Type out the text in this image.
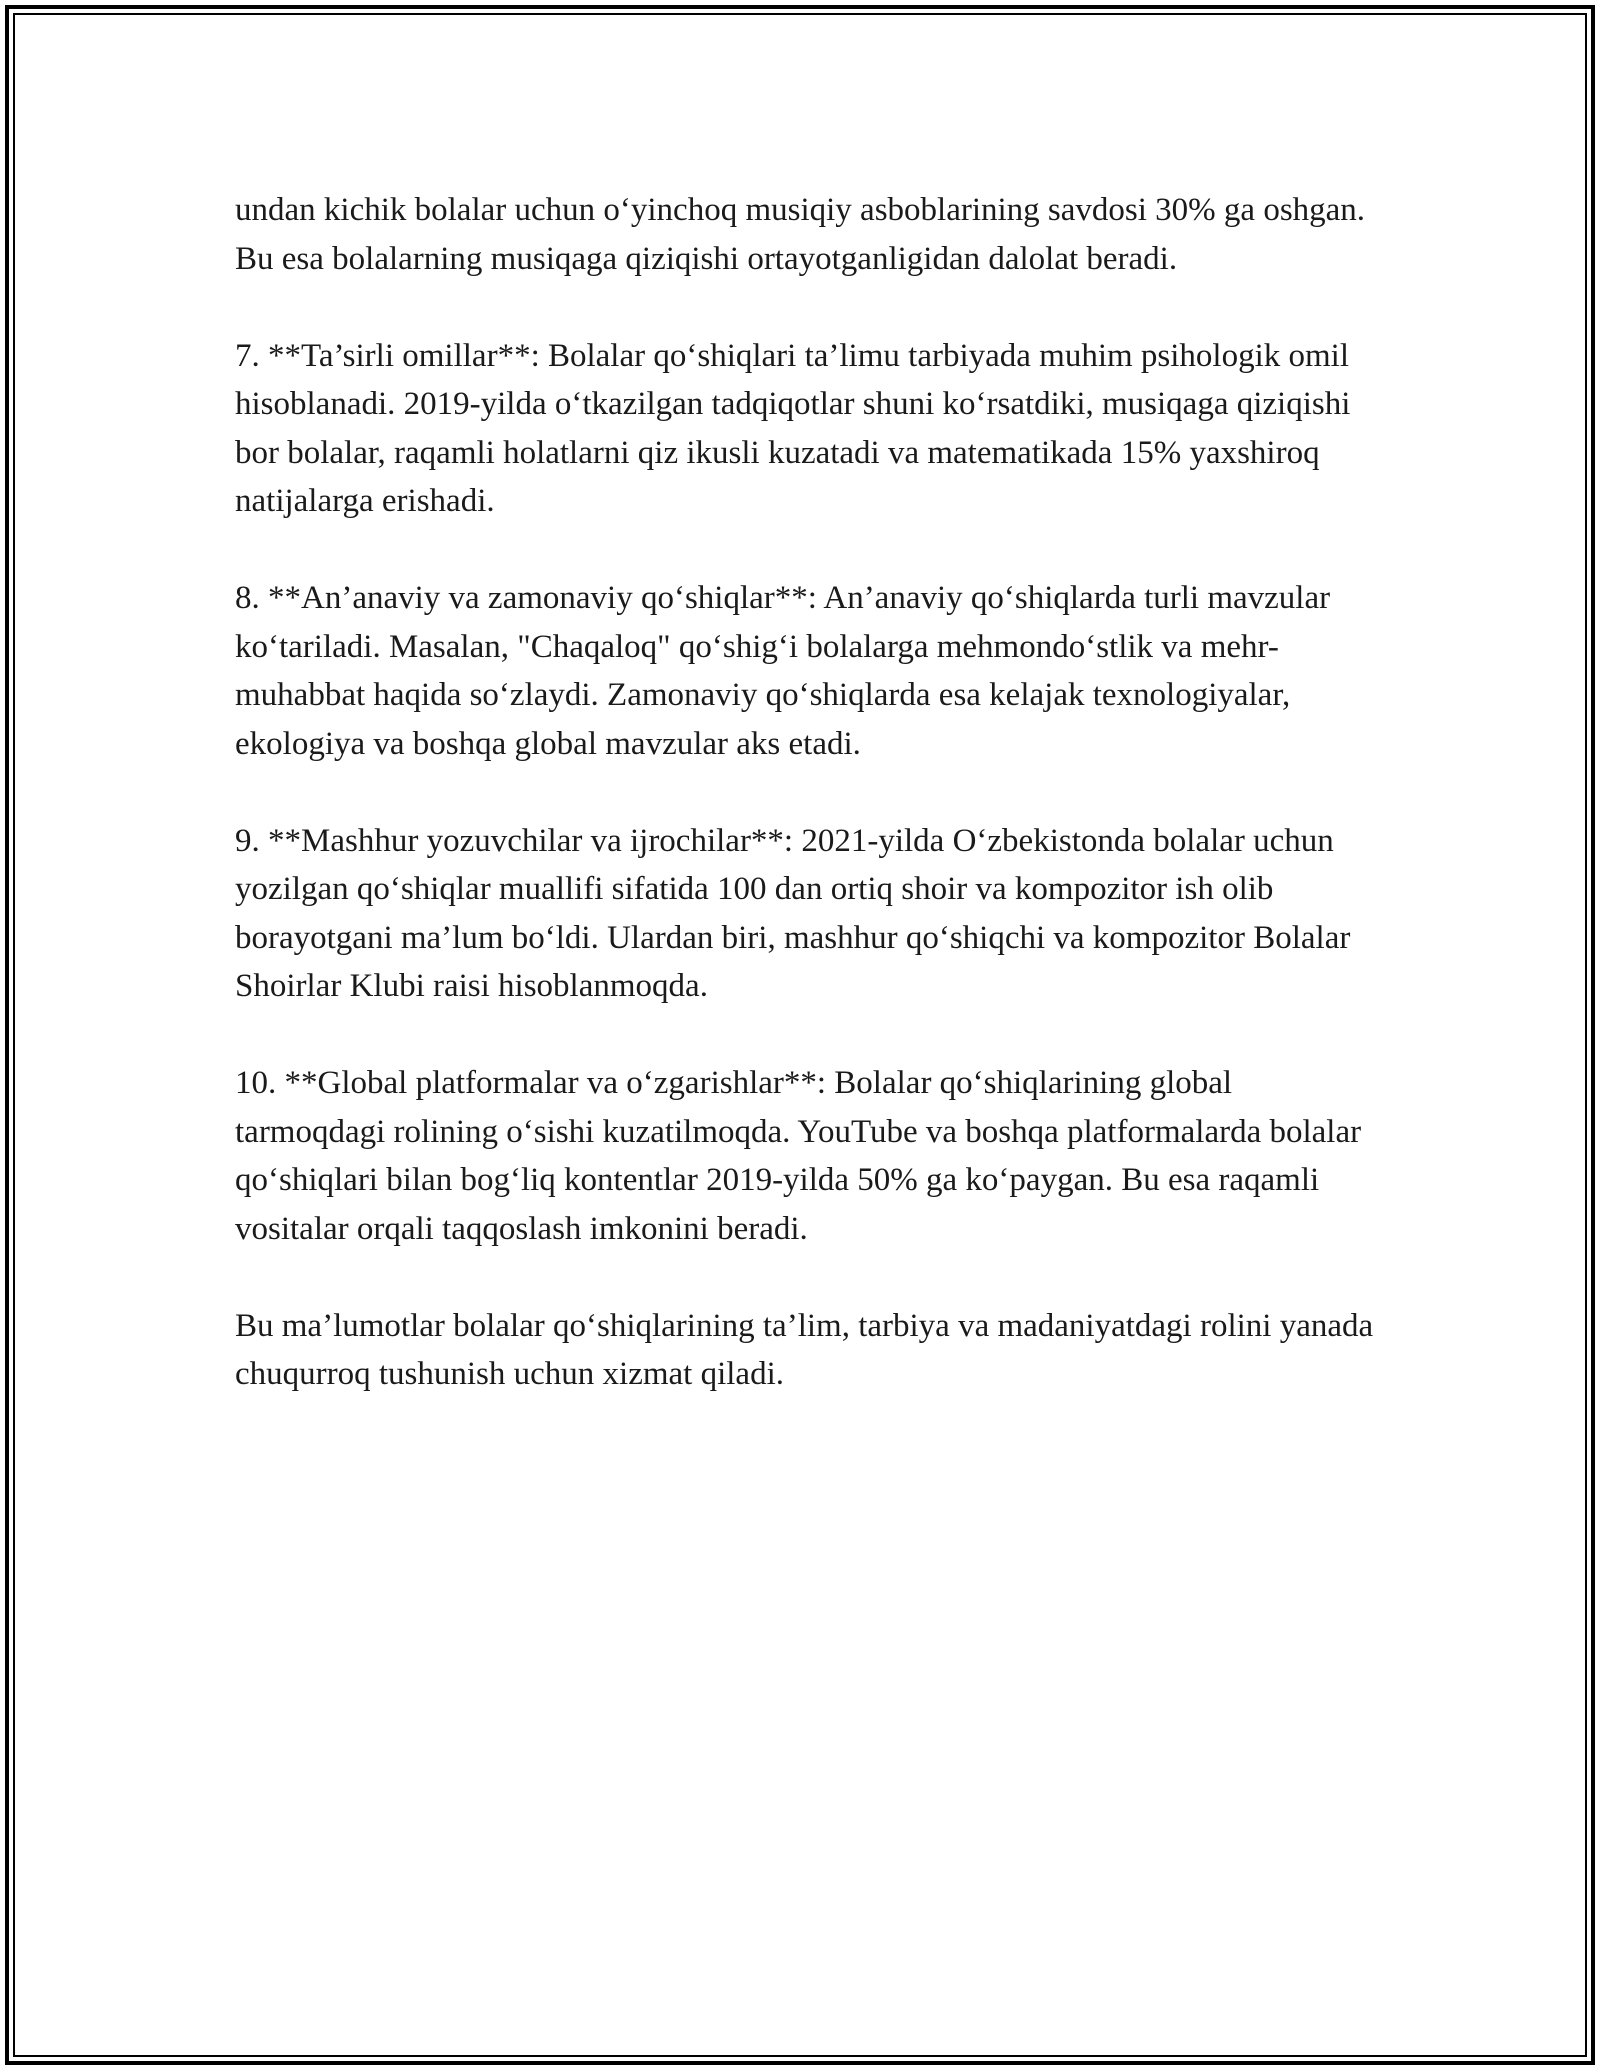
undan kichik bolalar uchun o‘yinchoq musiqiy asboblarining savdosi 30% ga oshgan. Bu esa bolalarning musiqaga qiziqishi ortayotganligidan dalolat beradi.

7. **Ta’sirli omillar**: Bolalar qo‘shiqlari ta’limu tarbiyada muhim psihologik omil hisoblanadi. 2019-yilda o‘tkazilgan tadqiqotlar shuni ko‘rsatdiki, musiqaga qiziqishi bor bolalar, raqamli holatlarni qiz ikusli kuzatadi va matematikada 15% yaxshiroq natijalarga erishadi.

8. **An’anaviy va zamonaviy qo‘shiqlar**: An’anaviy qo‘shiqlarda turli mavzular ko‘tariladi. Masalan, "Chaqaloq" qo‘shig‘i bolalarga mehmondo‘stlik va mehr-muhabbat haqida so‘zlaydi. Zamonaviy qo‘shiqlarda esa kelajak texnologiyalar, ekologiya va boshqa global mavzular aks etadi.

9. **Mashhur yozuvchilar va ijrochilar**: 2021-yilda O‘zbekistonda bolalar uchun yozilgan qo‘shiqlar muallifi sifatida 100 dan ortiq shoir va kompozitor ish olib borayotgani ma’lum bo‘ldi. Ulardan biri, mashhur qo‘shiqchi va kompozitor Bolalar Shoirlar Klubi raisi hisoblanmoqda.

10. **Global platformalar va o‘zgarishlar**: Bolalar qo‘shiqlarining global tarmoqdagi rolining o‘sishi kuzatilmoqda. YouTube va boshqa platformalarda bolalar qo‘shiqlari bilan bog‘liq kontentlar 2019-yilda 50% ga ko‘paygan. Bu esa raqamli vositalar orqali taqqoslash imkonini beradi.

Bu ma’lumotlar bolalar qo‘shiqlarining ta’lim, tarbiya va madaniyatdagi rolini yanada chuqurroq tushunish uchun xizmat qiladi.
